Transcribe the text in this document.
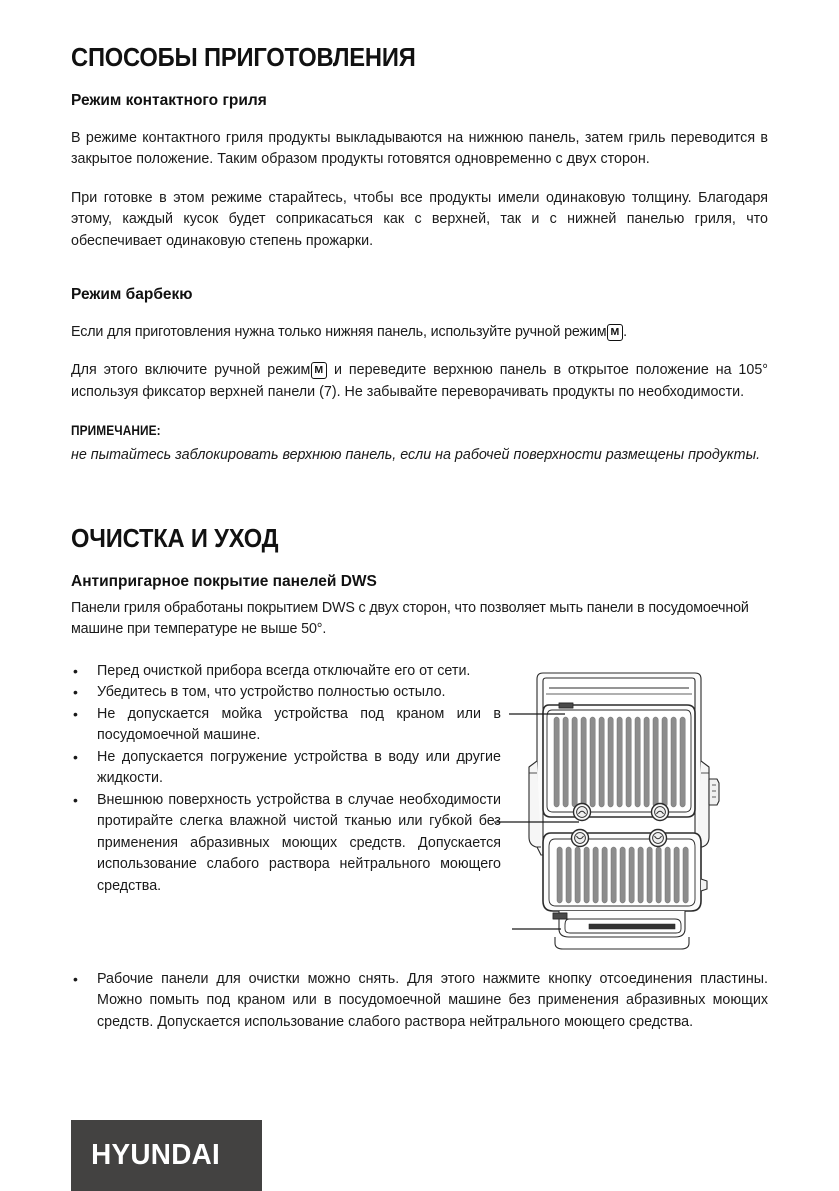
СПОСОБЫ ПРИГОТОВЛЕНИЯ
Режим контактного гриля

В режиме контактного гриля продукты выкладываются на нижнюю панель, затем гриль переводится в закрытое положение. Таким образом продукты готовятся одновременно с двух сторон.

При готовке в этом режиме старайтесь, чтобы все продукты имели одинаковую толщину. Благодаря этому, каждый кусок будет соприкасаться как с верхней, так и с нижней панелью гриля, что обеспечивает одинаковую степень прожарки.

Режим барбекю

Если для приготовления нужна только нижняя панель, используйте ручной режим M .

Для этого включите ручной режим M и переведите верхнюю панель в открытое положение на 105° используя фиксатор верхней панели (7). Не забывайте переворачивать продукты по необходимости.

ПРИМЕЧАНИЕ:

не пытайтесь заблокировать верхнюю панель, если на рабочей поверхности размещены продукты.

ОЧИСТКА И УХОД
Антипригарное покрытие панелей DWS

Панели гриля обработаны покрытием DWS с двух сторон, что позволяет мыть панели в посудомоечной машине при температуре не выше 50°.

• Перед очисткой прибора всегда отключайте его от сети.
• Убедитесь в том, что устройство полностью остыло.
• Не допускается мойка устройства под краном или в посудомоечной машине.
• Не допускается погружение устройства в воду или другие жидкости.
• Внешнюю поверхность устройства в случае необходимости протирайте слегка влажной чистой тканью или губкой без применения абразивных моющих средств. Допускается использование слабого раствора нейтрального моющего средства.
• Рабочие панели для очистки можно снять. Для этого нажмите кнопку отсоединения пластины. Можно помыть под краном или в посудомоечной машине без применения абразивных моющих средств. Допускается использование слабого раствора нейтрального моющего средства.
HYUNDAI
